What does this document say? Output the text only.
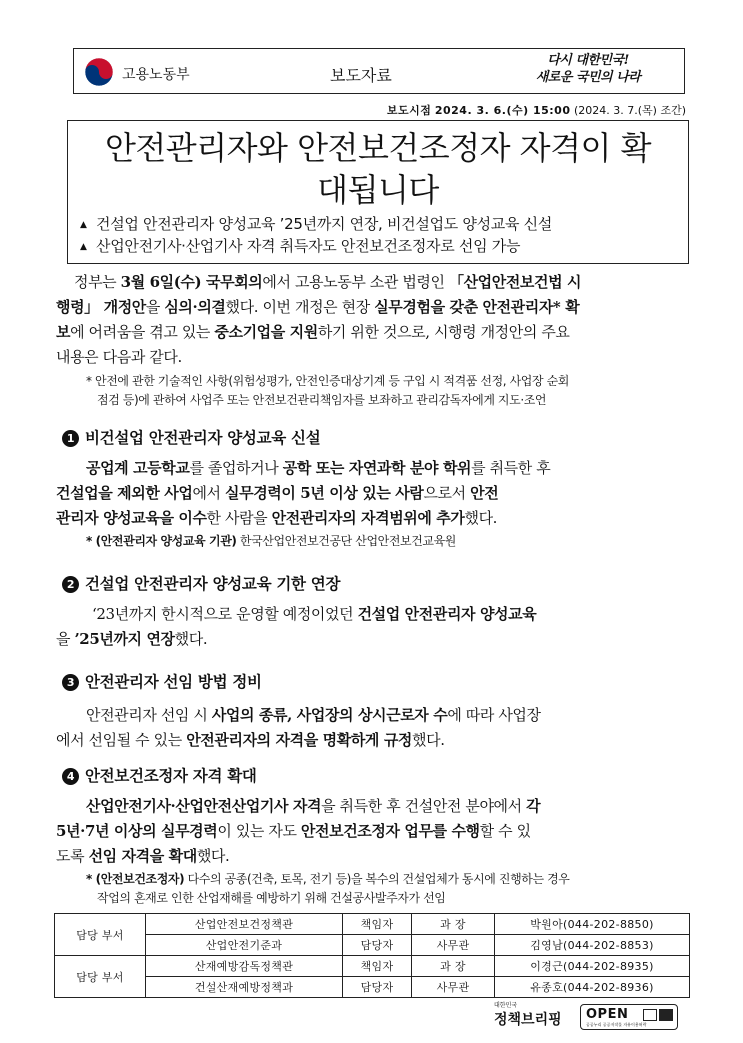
고용노동부	보도자료
다시 대한민국!
새로운 국민의 나라
보도시점 2024. 3. 6.(수) 15:00 (2024. 3. 7.(목) 조간)
안전관리자와 안전보건조정자 자격이 확
대됩니다
▲ 건설업 안전관리자 양성교육 ’25년까지 연장, 비건설업도 양성교육 신설
▲ 산업안전기사·산업기사 자격 취득자도 안전보건조정자로 선임 가능
정부는 3월 6일(수) 국무회의에서 고용노동부 소관 법령인 「산업안전보건법 시
행령」 개정안을 심의·의결했다. 이번 개정은 현장 실무경험을 갖춘 안전관리자* 확
보에 어려움을 겪고 있는 중소기업을 지원하기 위한 것으로, 시행령 개정안의 주요
내용은 다음과 같다.
* 안전에 관한 기술적인 사항(위험성평가, 안전인증대상기계 등 구입 시 적격품 선정, 사업장 순회
점검 등)에 관하여 사업주 또는 안전보건관리책임자를 보좌하고 관리감독자에게 지도·조언
1 비건설업 안전관리자 양성교육 신설
공업계 고등학교를 졸업하거나 공학 또는 자연과학 분야 학위를 취득한 후
건설업을 제외한 사업에서 실무경력이 5년 이상 있는 사람으로서 안전
관리자 양성교육을 이수한 사람을 안전관리자의 자격범위에 추가했다.
* (안전관리자 양성교육 기관) 한국산업안전보건공단 산업안전보건교육원
2 건설업 안전관리자 양성교육 기한 연장
‘23년까지 한시적으로 운영할 예정이었던 건설업 안전관리자 양성교육
을 ’25년까지 연장했다.
3 안전관리자 선임 방법 정비
안전관리자 선임 시 사업의 종류, 사업장의 상시근로자 수에 따라 사업장
에서 선임될 수 있는 안전관리자의 자격을 명확하게 규정했다.
4 안전보건조정자 자격 확대
산업안전기사·산업안전산업기사 자격을 취득한 후 건설안전 분야에서 각
5년·7년 이상의 실무경력이 있는 자도 안전보건조정자 업무를 수행할 수 있
도록 선임 자격을 확대했다.
* (안전보건조정자) 다수의 공종(건축, 토목, 전기 등)을 복수의 건설업체가 동시에 진행하는 경우
작업의 혼재로 인한 산업재해를 예방하기 위해 건설공사발주자가 선임
담당 부서	산업안전보건정책관	책임자	과 장	박원아(044-202-8850)
	산업안전기준과	담당자	사무관	김영남(044-202-8853)
담당 부서	산재예방감독정책관	책임자	과 장	이경근(044-202-8935)
	건설산재예방정책과	담당자	사무관	유종호(044-202-8936)
대한민국
정책브리핑 OPEN
공공누리 공공저작물 자유이용허락
